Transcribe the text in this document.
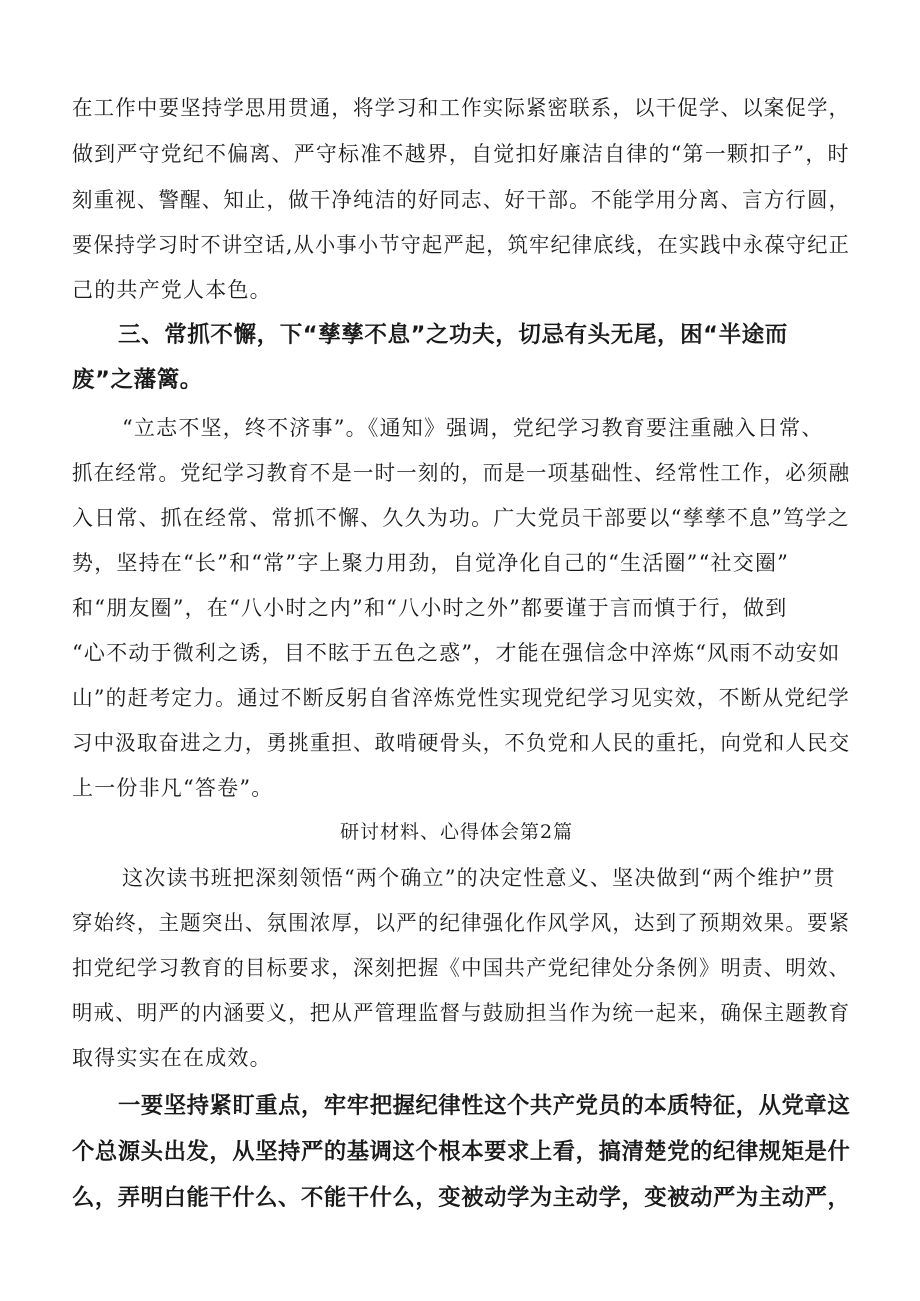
在工作中要坚持学思用贯通，将学习和工作实际紧密联系，以干促学、以案促学，
做到严守党纪不偏离、严守标准不越界，自觉扣好廉洁自律的“第一颗扣子”，时
刻重视、警醒、知止，做干净纯洁的好同志、好干部。不能学用分离、言方行圆，
要保持学习时不讲空话,从小事小节守起严起，筑牢纪律底线，在实践中永葆守纪正
己的共产党人本色。
三、常抓不懈，下“孳孳不息”之功夫，切忌有头无尾，困“半途而
废”之藩篱。
“立志不坚，终不济事”。《通知》强调，党纪学习教育要注重融入日常、
抓在经常。党纪学习教育不是一时一刻的，而是一项基础性、经常性工作，必须融
入日常、抓在经常、常抓不懈、久久为功。广大党员干部要以“孳孳不息”笃学之
势，坚持在“长”和“常”字上聚力用劲，自觉净化自己的“生活圈”“社交圈”
和“朋友圈”，在“八小时之内”和“八小时之外”都要谨于言而慎于行，做到
“心不动于微利之诱，目不眩于五色之惑”，才能在强信念中淬炼“风雨不动安如
山”的赶考定力。通过不断反躬自省淬炼党性实现党纪学习见实效，不断从党纪学
习中汲取奋进之力，勇挑重担、敢啃硬骨头，不负党和人民的重托，向党和人民交
上一份非凡“答卷”。
研讨材料、心得体会第2篇
这次读书班把深刻领悟“两个确立”的决定性意义、坚决做到“两个维护”贯
穿始终，主题突出、氛围浓厚，以严的纪律强化作风学风，达到了预期效果。要紧
扣党纪学习教育的目标要求，深刻把握《中国共产党纪律处分条例》明责、明效、
明戒、明严的内涵要义，把从严管理监督与鼓励担当作为统一起来，确保主题教育
取得实实在在成效。
一要坚持紧盯重点，牢牢把握纪律性这个共产党员的本质特征，从党章这
个总源头出发，从坚持严的基调这个根本要求上看，搞清楚党的纪律规矩是什
么，弄明白能干什么、不能干什么，变被动学为主动学，变被动严为主动严，
